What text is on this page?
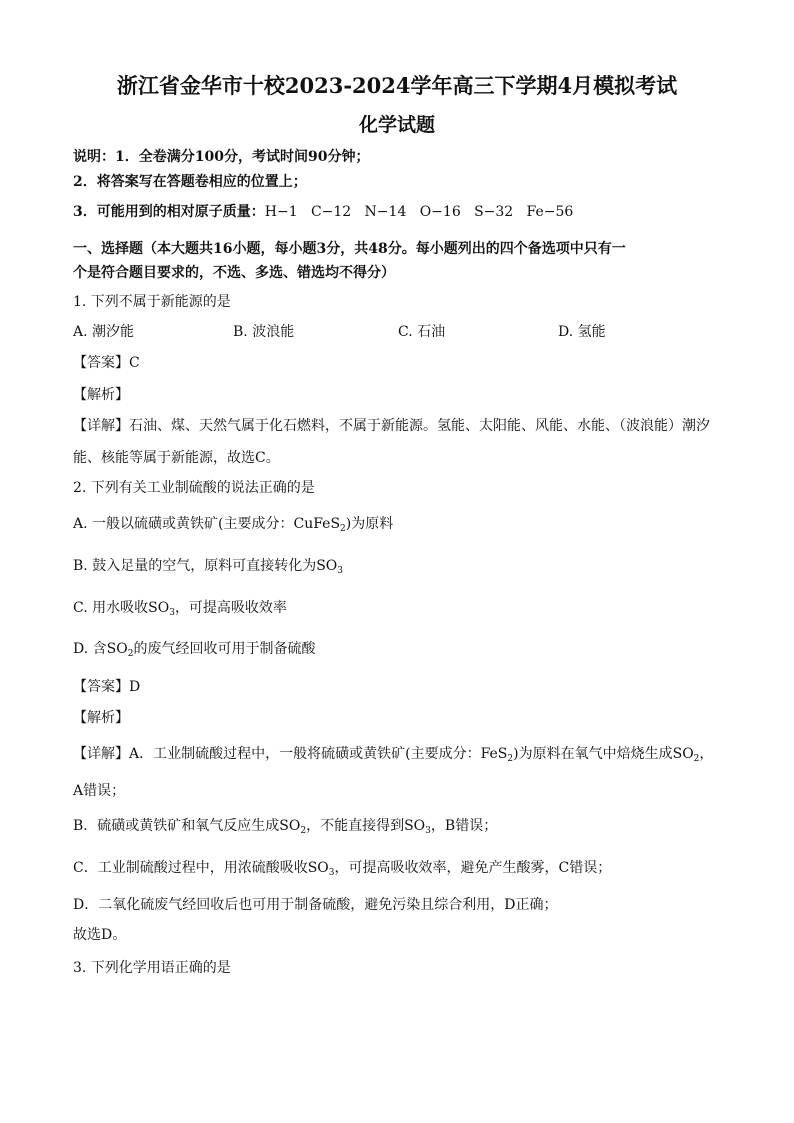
浙江省金华市十校2023-2024学年高三下学期4月模拟考试
化学试题
说明：1．全卷满分100分，考试时间90分钟；
2．将答案写在答题卷相应的位置上；
3．可能用到的相对原子质量：H−1   C−12   N−14   O−16   S−32   Fe−56
一、选择题（本大题共16小题，每小题3分，共48分。每小题列出的四个备选项中只有一
个是符合题目要求的，不选、多选、错选均不得分）
1. 下列不属于新能源的是
A. 潮汐能	B. 波浪能	C. 石油	D. 氢能
【答案】C
【解析】
【详解】石油、煤、天然气属于化石燃料，不属于新能源。氢能、太阳能、风能、水能、（波浪能）潮汐
能、核能等属于新能源，故选C。
2. 下列有关工业制硫酸的说法正确的是
A. 一般以硫磺或黄铁矿(主要成分：CuFeS$_2$)为原料
B. 鼓入足量的空气，原料可直接转化为$SO_3$
C. 用水吸收$SO_3$，可提高吸收效率
D. 含$SO_2$的废气经回收可用于制备硫酸
【答案】D
【解析】
【详解】A．工业制硫酸过程中，一般将硫磺或黄铁矿(主要成分：FeS$_2$)为原料在氧气中焙烧生成$SO_2$，
A错误；
B．硫磺或黄铁矿和氧气反应生成$SO_2$，不能直接得到$SO_3$，B错误；
C．工业制硫酸过程中，用浓硫酸吸收$SO_3$，可提高吸收效率，避免产生酸雾，C错误；
D．二氧化硫废气经回收后也可用于制备硫酸，避免污染且综合利用，D正确；
故选D。
3. 下列化学用语正确的是
